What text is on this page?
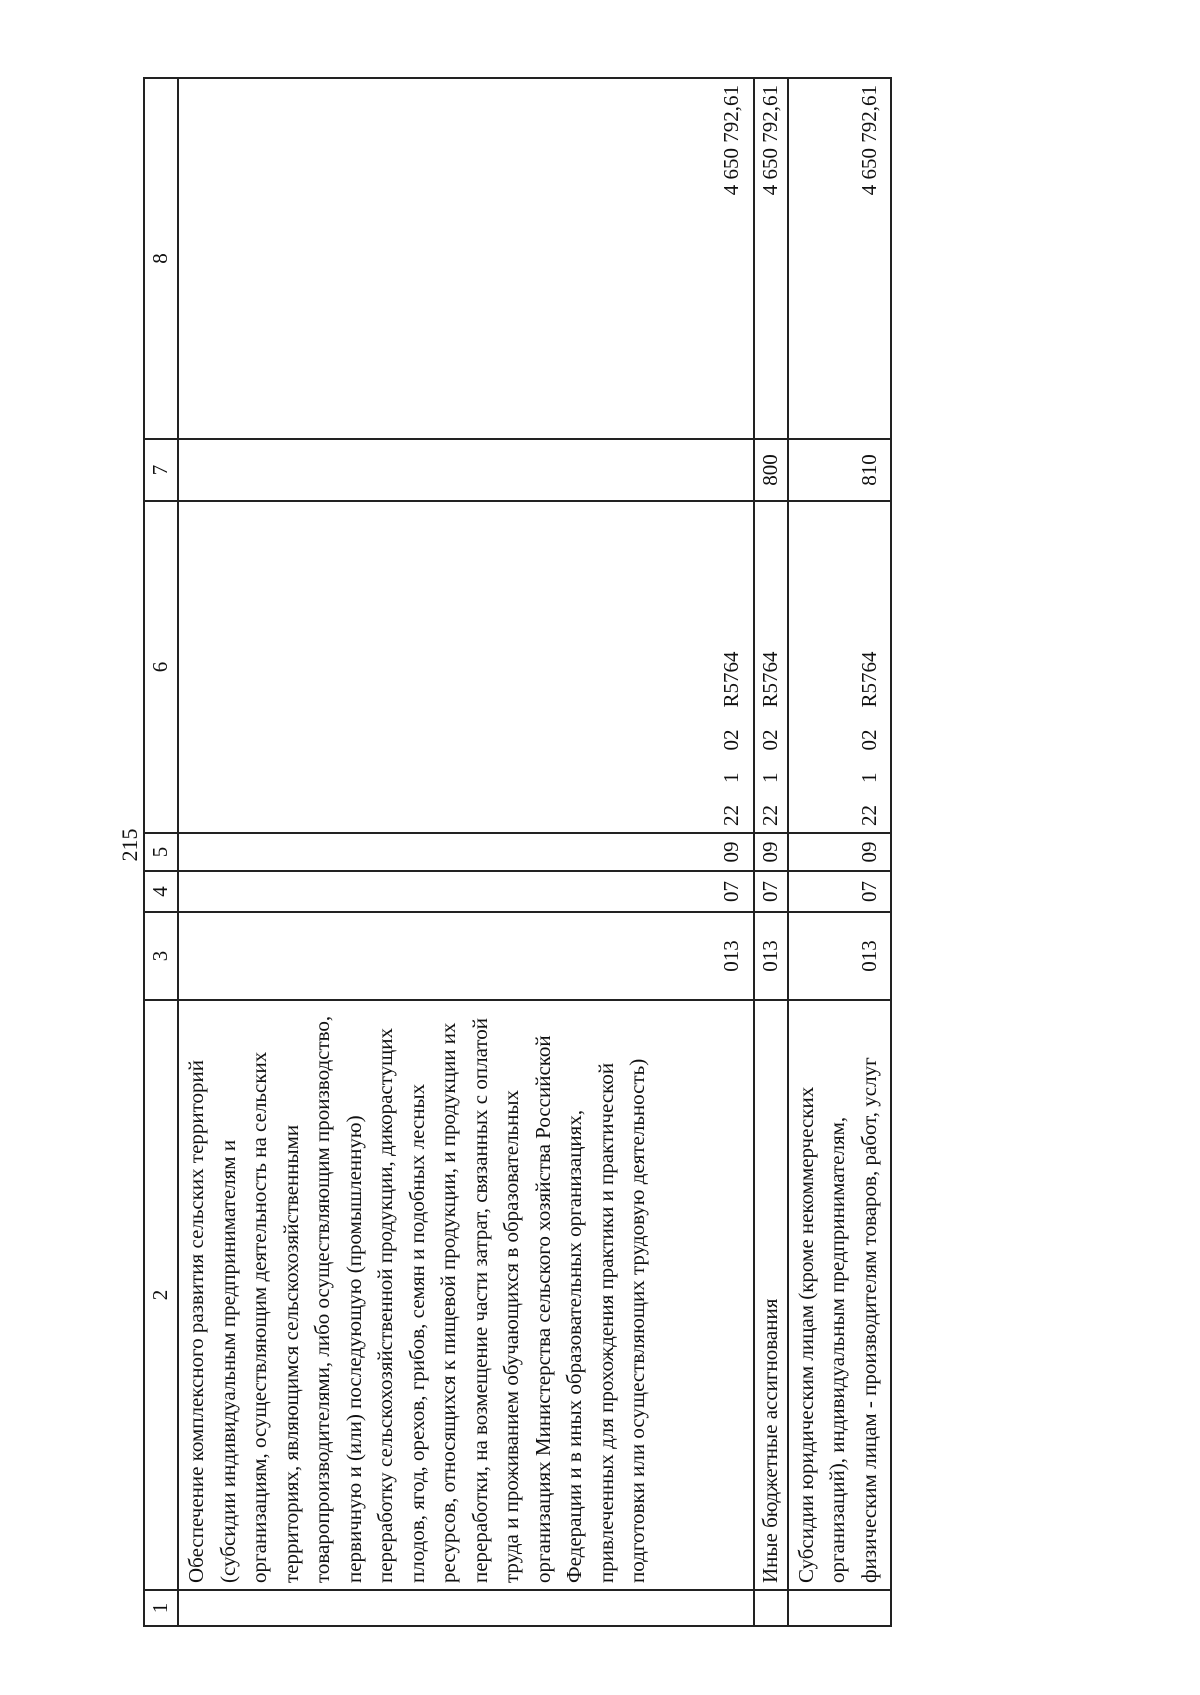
215
1	2	3	4	5	6	7	8
	Обеспечение комплексного развития сельских территорий (субсидии индивидуальным предпринимателям и организациям, осуществляющим деятельность на сельских территориях, являющимся сельскохозяйственными товаропроизводителями, либо осуществляющим производство, первичную и (или) последующую (промышленную) переработку сельскохозяйственной продукции, дикорастущих плодов, ягод, орехов, грибов, семян и подобных лесных ресурсов, относящихся к пищевой продукции, и продукции их переработки, на возмещение части затрат, связанных с оплатой труда и проживанием обучающихся в образовательных организациях Министерства сельского хозяйства Российской Федерации и в иных образовательных организациях, привлеченных для прохождения практики и практической подготовки или осуществляющих трудовую деятельность)	013	07	09	22102R5764		4 650 792,61
	Иные бюджетные ассигнования	013	07	09	22102R5764	800	4 650 792,61
	Субсидии юридическим лицам (кроме некоммерческих организаций), индивидуальным предпринимателям, физическим лицам - производителям товаров, работ, услуг	013	07	09	22102R5764	810	4 650 792,61
